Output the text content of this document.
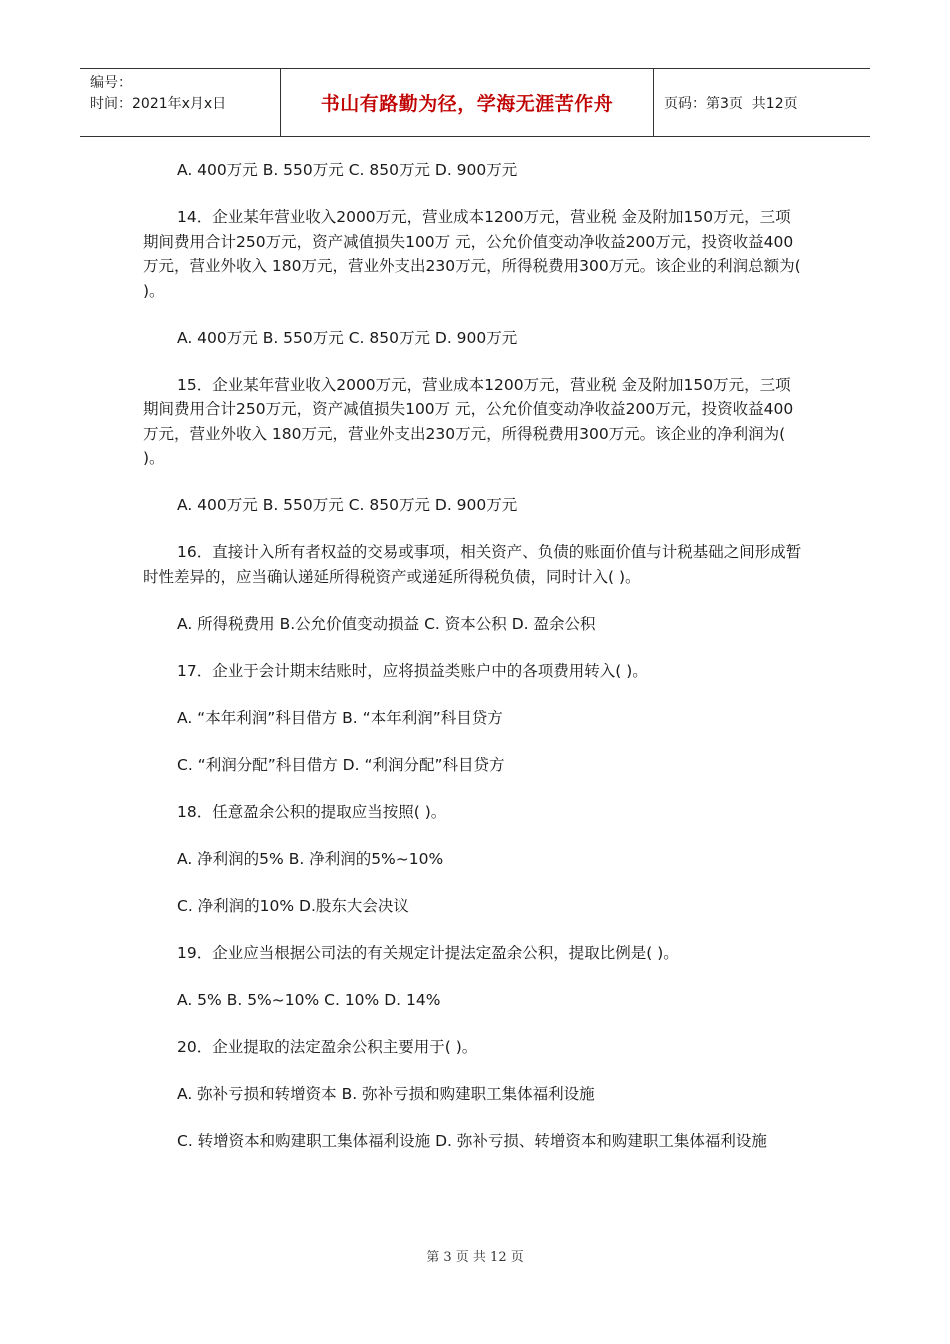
编号：
时间：2021年x月x日	书山有路勤为径，学海无涯苦作舟	页码：第3页  共12页

A. 400万元 B. 550万元 C. 850万元 D. 900万元

14．企业某年营业收入2000万元，营业成本1200万元，营业税 金及附加150万元，三项期间费用合计250万元，资产减值损失100万 元，公允价值变动净收益200万元，投资收益400万元，营业外收入 180万元，营业外支出230万元，所得税费用300万元。该企业的利润总额为( )。

A. 400万元 B. 550万元 C. 850万元 D. 900万元

15．企业某年营业收入2000万元，营业成本1200万元，营业税 金及附加150万元，三项期间费用合计250万元，资产减值损失100万 元，公允价值变动净收益200万元，投资收益400万元，营业外收入 180万元，营业外支出230万元，所得税费用300万元。该企业的净利润为( )。

A. 400万元 B. 550万元 C. 850万元 D. 900万元

16．直接计入所有者权益的交易或事项，相关资产、负债的账面价值与计税基础之间形成暂时性差异的，应当确认递延所得税资产或递延所得税负债，同时计入( )。

A. 所得税费用 B.公允价值变动损益 C. 资本公积 D. 盈余公积

17．企业于会计期末结账时，应将损益类账户中的各项费用转入( )。

A. “本年利润”科目借方 B. “本年利润”科目贷方

C. “利润分配”科目借方 D. “利润分配”科目贷方

18．任意盈余公积的提取应当按照( )。

A. 净利润的5% B. 净利润的5%~10%

C. 净利润的10% D.股东大会决议

19．企业应当根据公司法的有关规定计提法定盈余公积，提取比例是( )。

A. 5% B. 5%~10% C. 10% D. 14%

20．企业提取的法定盈余公积主要用于( )。

A. 弥补亏损和转增资本 B. 弥补亏损和购建职工集体福利设施

C. 转增资本和购建职工集体福利设施 D. 弥补亏损、转增资本和购建职工集体福利设施

第 3 页 共 12 页
